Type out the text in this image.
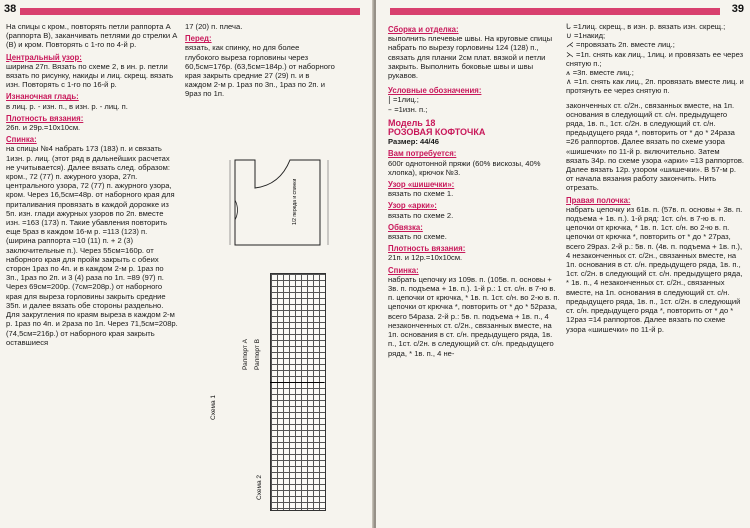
38

На спицы с кром., повторять петли раппорта А (раппорта В), заканчивать петлями до стрелки А (В) и кром. Повторять с 1-го по 4-й р.

Центральный узор:

ширина 27п. Вязать по схеме 2, в ин. р. петли вязать по рисунку, накиды и лиц. скрещ. вязать изн. Повторять с 1-го по 16-й р.

Изнаночная гладь:

в лиц. р. - изн. п., в изн. р. - лиц. п.

Плотность вязания:

26п. и 29р.=10х10см.

Спинка:

на спицы №4 набрать 173 (183) п. и связать 1изн. р. лиц. (этот ряд в дальнейших расчетах не учитывается). Далее вязать след. образом: кром., 72 (77) п. ажурного узора, 27п. центрального узора, 72 (77) п. ажурного узора, кром. Через 16,5см=48р. от наборного края для приталивания провязать в каждой дорожке из 5п. изн. глади ажурных узоров по 2п. вместе изн. =163 (173) п. Такие убавления повторить еще 5раз в каждом 16-м р. =113 (123) п. (ширина раппорта =10 (11) п. + 2 (3) заключительные п.). Через 55см=160р. от наборного края для пройм закрыть с обеих сторон 1раз по 4п. и в каждом 2-м р. 1раз по 3п., 1раз по 2п. и 3 (4) раза по 1п. =89 (97) п. Через 69см=200р. (7см=208р.) от наборного края для выреза горловины закрыть средние 35п. и далее вязать обе стороны раздельно. Для закругления по краям выреза в каждом 2-м р. 1раз по 4п. и 2раза по 1п. Через 71,5см=208р. (74,5см=216р.) от наборного края закрыть оставшиеся

17 (20) п. плеча.

Перед:

вязать, как спинку, но для более глубокого выреза горловины через 60,5см=176р. (63,5см=184р.) от наборного края закрыть средние 27 (29) п. и в каждом 2-м р. 1раз по 3п., 1раз по 2п. и 9раз по 1п.

1/2 переда и спинки
Раппорт А Раппорт В
Схема 1
Схема 2
39
Сборка и отделка:

выполнить плечевые швы. На круговые спицы набрать по вырезу горловины 124 (128) п., связать для планки 2см плат. вязкой и петли закрыть. Выполнить боковые швы и швы рукавов.

Условные обозначения:

| =1лиц.;

– =1изн. п.;

Модель 18
РОЗОВАЯ КОФТОЧКА

Размер: 44/46

Вам потребуется:

600г однотонной пряжи (60% вискозы, 40% хлопка), крючок №3.

Узор «шишечки»:

вязать по схеме 1.

Узор «арки»:

вязать по схеме 2.

Обвязка:

вязать по схеме.

Плотность вязания:

21п. и 12р.=10х10см.

Спинка:

набрать цепочку из 109в. п. (105в. п. основы + 3в. п. подъема + 1в. п.). 1-й р.: 1 ст. с/н. в 7-ю в. п. цепочки от крючка, * 1в. п. 1ст. с/н. во 2-ю в. п. цепочки от крючка *, повторить от * до * 52раза, всего 54раза. 2-й р.: 5в. п. подъема + 1в. п., 4 незаконченных ст. с/2н., связанных вместе, на 1п. основания в ст. с/н. предыдущего ряда, 1в. п., 1ст. с/2н. в следующий ст. с/н. предыдущего ряда, * 1в. п., 4 не-

ᒐ =1лиц. скрещ., в изн. р. вязать изн. скрещ.;

∪ =1накид;

⋌ =провязать 2п. вместе лиц.;

⋋ =1п. снять как лиц., 1лиц. и провязать ее через снятую п.;

⩚ =3п. вместе лиц.;

∧ =1п. снять как лиц., 2п. провязать вместе лиц. и протянуть ее через снятую п.

законченных ст. с/2н., связанных вместе, на 1п. основания в следующий ст. с/н. предыдущего ряда, 1в. п., 1ст. с/2н. в следующий ст. с/н. предыдущего ряда *, повторить от * до * 24раза =26 раппортов. Далее вязать по схеме узора «шишечки» по 11-й р. включительно. Затем вязать 34р. по схеме узора «арки» =13 раппортов. Далее вязать 12р. узором «шишечки». В 57-м р. от начала вязания работу закончить. Нить отрезать.

Правая полочка:

набрать цепочку из 61в. п. (57в. п. основы + 3в. п. подъема + 1в. п.). 1-й ряд: 1ст. с/н. в 7-ю в. п. цепочки от крючка, * 1в. п. 1ст. с/н. во 2-ю в. п. цепочки от крючка *, повторить от * до * 27раз, всего 29раз. 2-й р.: 5в. п. (4в. п. подъема + 1в. п.), 4 незаконченных ст. с/2н., связанных вместе, на 1п. основания в ст. с/н. предыдущего ряда, 1в. п., 1ст. с/2н. в следующий ст. с/н. предыдущего ряда, * 1в. п., 4 незаконченных ст. с/2н., связанных вместе, на 1п. основания в следующий ст. с/н. предыдущего ряда, 1в. п., 1ст. с/2н. в следующий ст. с/н. предыдущего ряда *, повторить от * до * 12раз =14 раппортов. Далее вязать по схеме узора «шишечки» по 11-й р.
